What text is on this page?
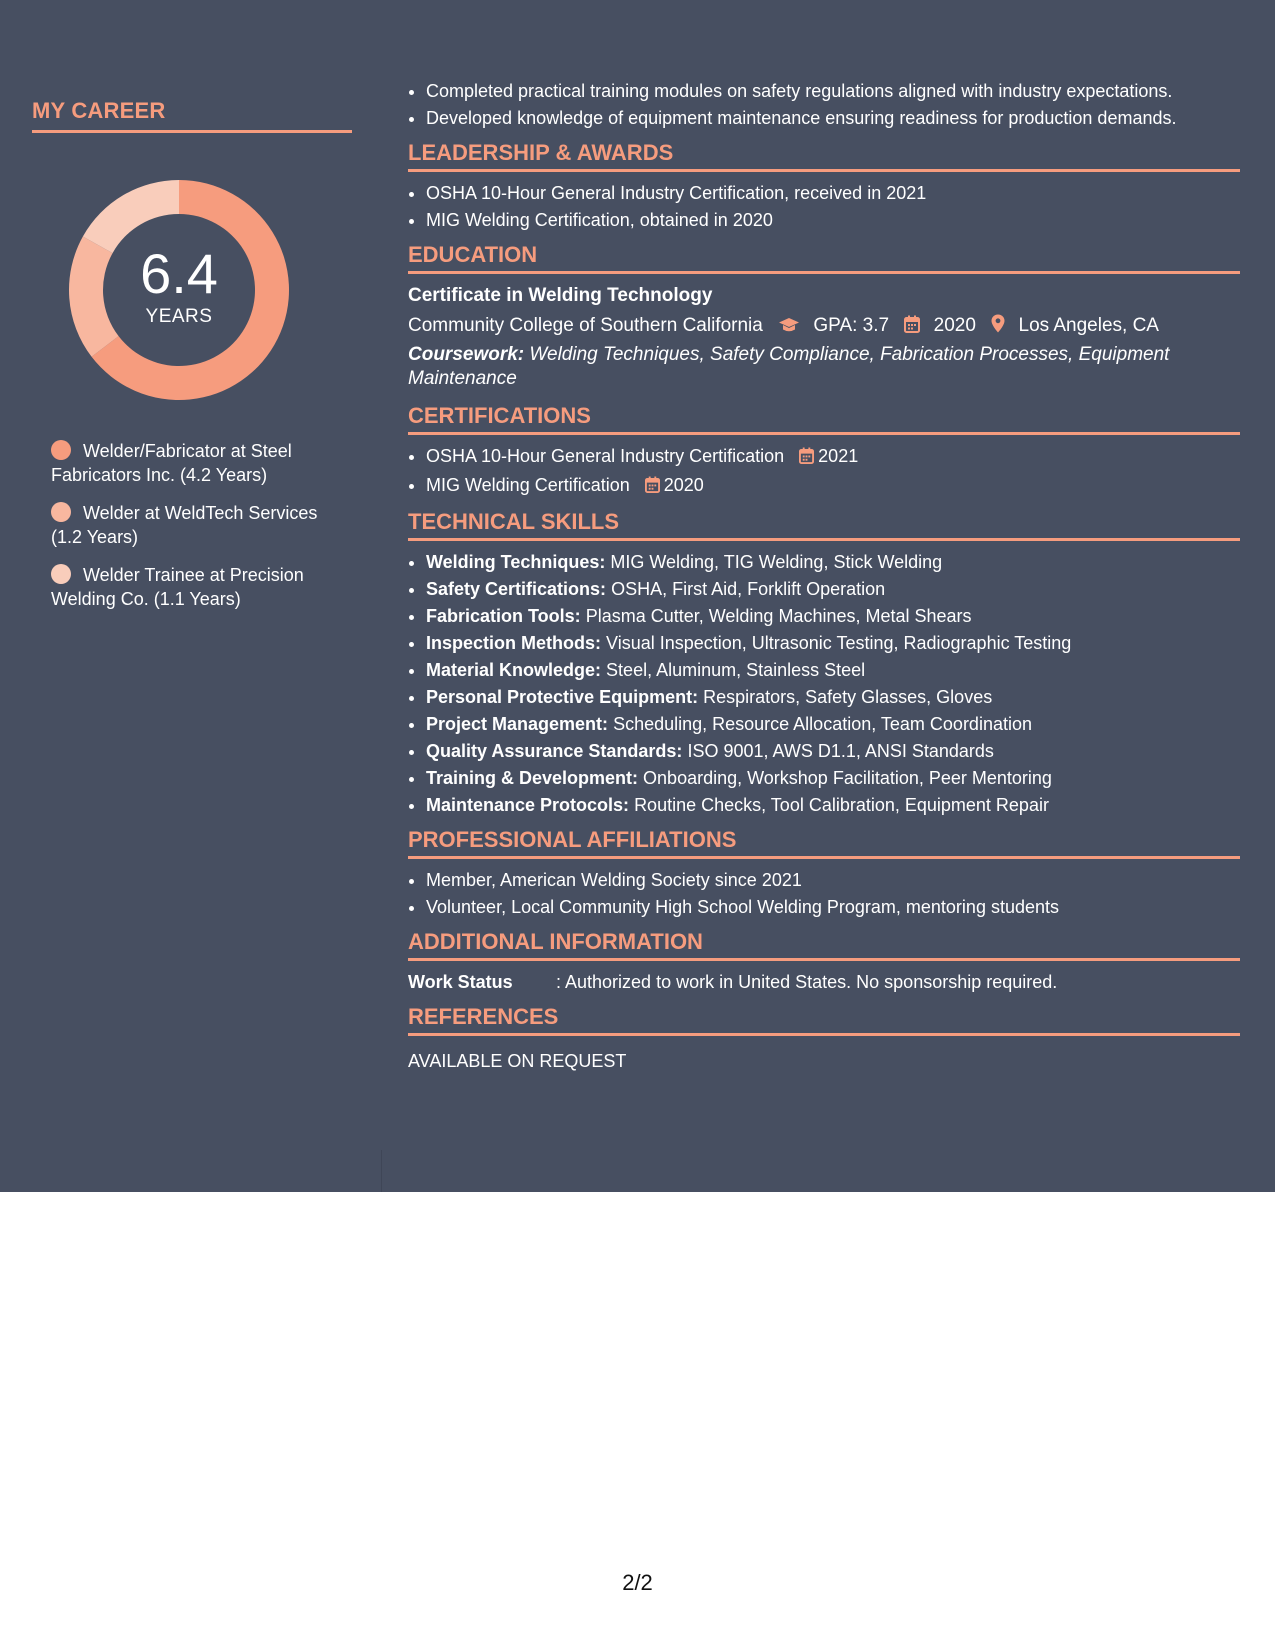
MY CAREER
6.4
YEARS
Welder/Fabricator at Steel Fabricators Inc. (4.2 Years)
Welder at WeldTech Services (1.2 Years)
Welder Trainee at Precision Welding Co. (1.1 Years)
• Completed practical training modules on safety regulations aligned with industry expectations.
• Developed knowledge of equipment maintenance ensuring readiness for production demands.
LEADERSHIP & AWARDS
• OSHA 10-Hour General Industry Certification, received in 2021
• MIG Welding Certification, obtained in 2020
EDUCATION
Certificate in Welding Technology
Community College of Southern California	GPA: 3.7 2020 Los Angeles, CA
Coursework: Welding Techniques, Safety Compliance, Fabrication Processes, Equipment Maintenance
CERTIFICATIONS
• OSHA 10-Hour General Industry Certification 2021
• MIG Welding Certification 2020
TECHNICAL SKILLS
• Welding Techniques: MIG Welding, TIG Welding, Stick Welding
• Safety Certifications: OSHA, First Aid, Forklift Operation
• Fabrication Tools: Plasma Cutter, Welding Machines, Metal Shears
• Inspection Methods: Visual Inspection, Ultrasonic Testing, Radiographic Testing
• Material Knowledge: Steel, Aluminum, Stainless Steel
• Personal Protective Equipment: Respirators, Safety Glasses, Gloves
• Project Management: Scheduling, Resource Allocation, Team Coordination
• Quality Assurance Standards: ISO 9001, AWS D1.1, ANSI Standards
• Training & Development: Onboarding, Workshop Facilitation, Peer Mentoring
• Maintenance Protocols: Routine Checks, Tool Calibration, Equipment Repair
PROFESSIONAL AFFILIATIONS
• Member, American Welding Society since 2021
• Volunteer, Local Community High School Welding Program, mentoring students
ADDITIONAL INFORMATION
Work Status : Authorized to work in United States. No sponsorship required.
REFERENCES
AVAILABLE ON REQUEST
2/2
